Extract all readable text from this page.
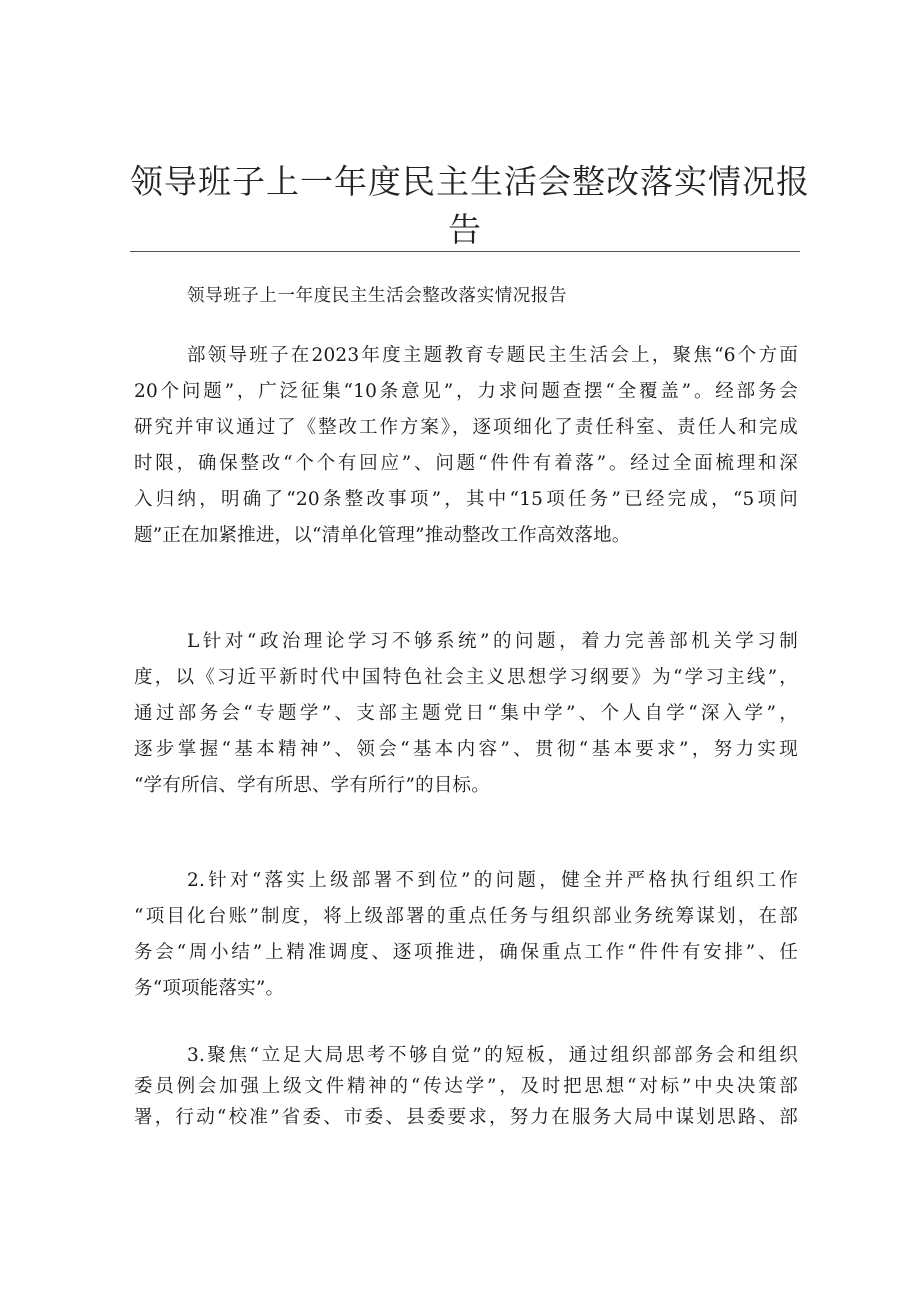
领导班子上一年度民主生活会整改落实情况报
告
领导班子上一年度民主生活会整改落实情况报告
部领导班子在2023年度主题教育专题民主生活会上，聚焦“6个方面
20个问题”，广泛征集“10条意见”，力求问题查摆“全覆盖”。经部务会
研究并审议通过了《整改工作方案》，逐项细化了责任科室、责任人和完成
时限，确保整改“个个有回应”、问题“件件有着落”。经过全面梳理和深
入归纳，明确了“20条整改事项”，其中“15项任务”已经完成，“5项问
题”正在加紧推进，以“清单化管理”推动整改工作高效落地。
L针对“政治理论学习不够系统”的问题，着力完善部机关学习制
度，以《习近平新时代中国特色社会主义思想学习纲要》为“学习主线”，
通过部务会“专题学”、支部主题党日“集中学”、个人自学“深入学”，
逐步掌握“基本精神”、领会“基本内容”、贯彻“基本要求”，努力实现
“学有所信、学有所思、学有所行”的目标。
2.针对“落实上级部署不到位”的问题，健全并严格执行组织工作
“项目化台账”制度，将上级部署的重点任务与组织部业务统筹谋划，在部
务会“周小结”上精准调度、逐项推进，确保重点工作“件件有安排”、任
务“项项能落实”。
3.聚焦“立足大局思考不够自觉”的短板，通过组织部部务会和组织
委员例会加强上级文件精神的“传达学”，及时把思想“对标”中央决策部
署，行动“校准”省委、市委、县委要求，努力在服务大局中谋划思路、部
